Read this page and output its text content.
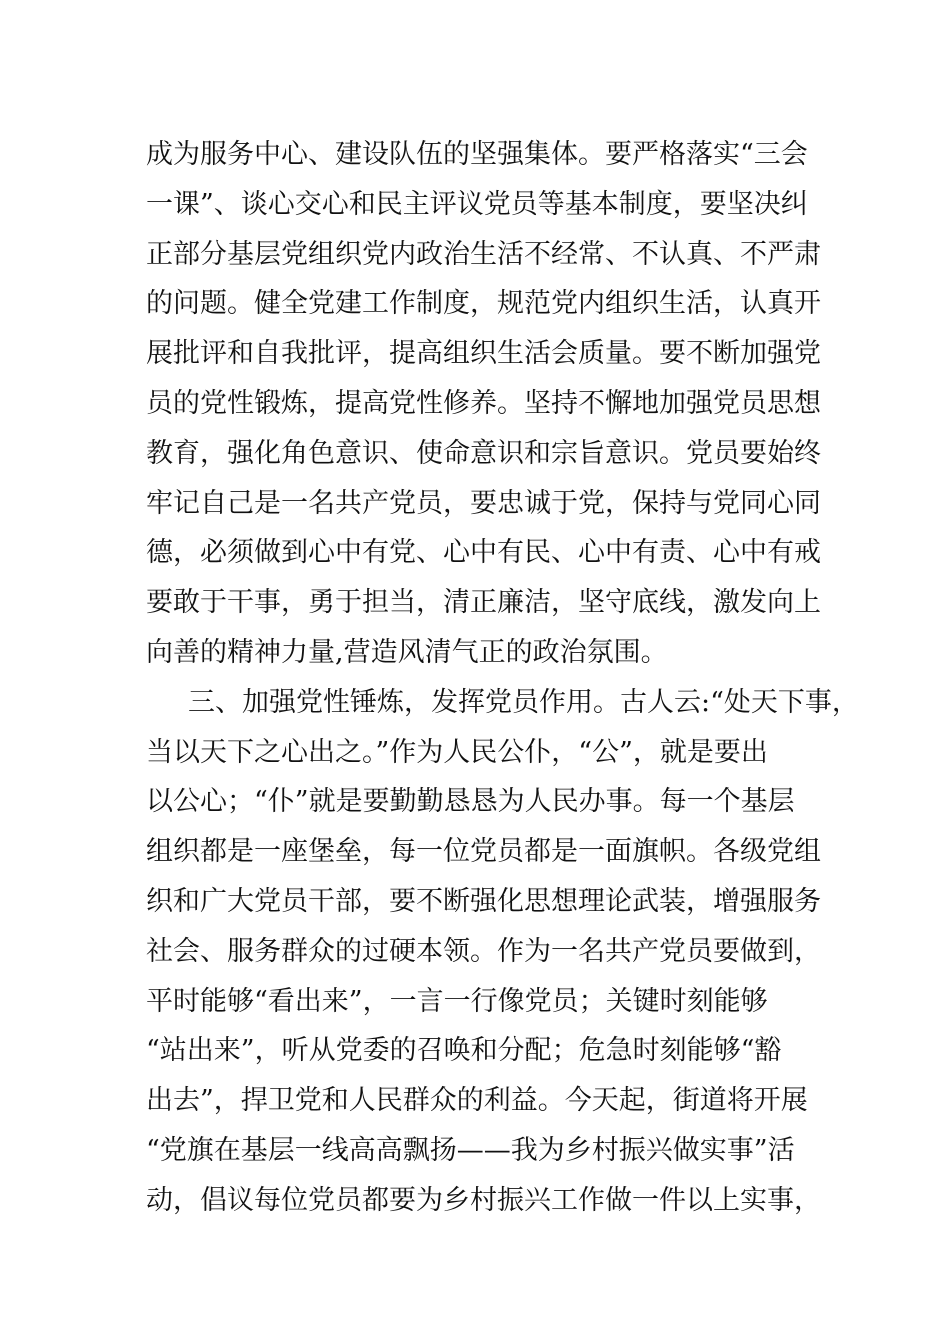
成为服务中心、建设队伍的坚强集体。要严格落实“三会
一课”、谈心交心和民主评议党员等基本制度，要坚决纠
正部分基层党组织党内政治生活不经常、不认真、不严肃
的问题。健全党建工作制度，规范党内组织生活，认真开
展批评和自我批评，提高组织生活会质量。要不断加强党
员的党性锻炼，提高党性修养。坚持不懈地加强党员思想
教育，强化角色意识、使命意识和宗旨意识。党员要始终
牢记自己是一名共产党员，要忠诚于党，保持与党同心同
德，必须做到心中有党、心中有民、心中有责、心中有戒
要敢于干事，勇于担当，清正廉洁，坚守底线，激发向上
向善的精神力量,营造风清气正的政治氛围。
三、加强党性锤炼，发挥党员作用。古人云:“处天下事，
当以天下之心出之。”作为人民公仆，“公”，就是要出
以公心；“仆”就是要勤勤恳恳为人民办事。每一个基层
组织都是一座堡垒，每一位党员都是一面旗帜。各级党组
织和广大党员干部，要不断强化思想理论武装，增强服务
社会、服务群众的过硬本领。作为一名共产党员要做到，
平时能够“看出来”，一言一行像党员；关键时刻能够
“站出来”，听从党委的召唤和分配；危急时刻能够“豁
出去”，捍卫党和人民群众的利益。今天起，街道将开展
“党旗在基层一线高高飘扬——我为乡村振兴做实事”活
动，倡议每位党员都要为乡村振兴工作做一件以上实事，
